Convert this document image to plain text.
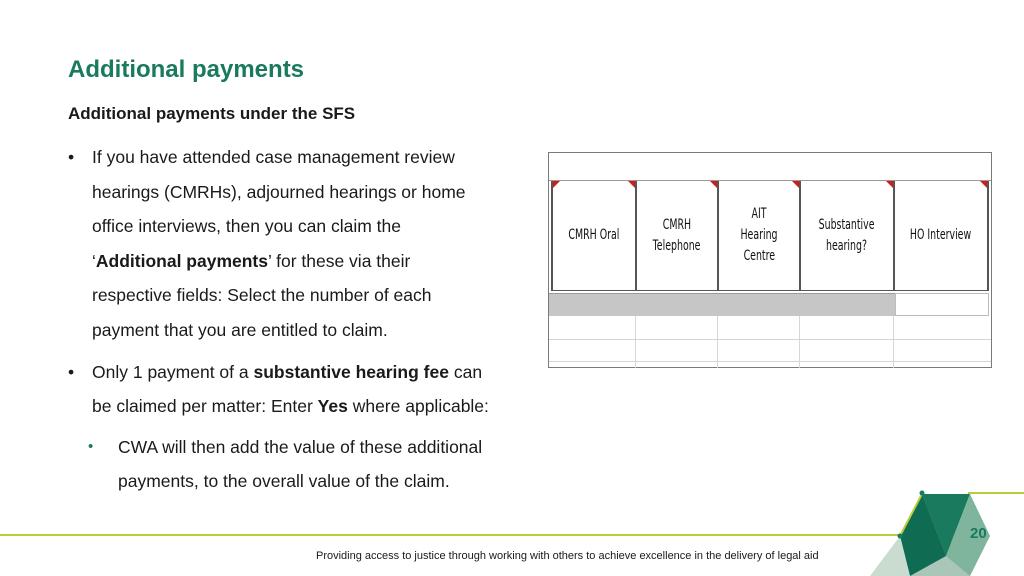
Additional payments
Additional payments under the SFS
• If you have attended case management review
hearings (CMRHs), adjourned hearings or home
office interviews, then you can claim the
‘Additional payments’ for these via their
respective fields: Select the number of each
payment that you are entitled to claim.
• Only 1 payment of a substantive hearing fee can
be claimed per matter: Enter Yes where applicable:
• CWA will then add the value of these additional
payments, to the overall value of the claim.
CMRH Oral
CMRH
Telephone
AIT Hearing
Centre
Substantive
hearing?
HO Interview
Providing access to justice through working with others to achieve excellence in the delivery of legal aid
20
